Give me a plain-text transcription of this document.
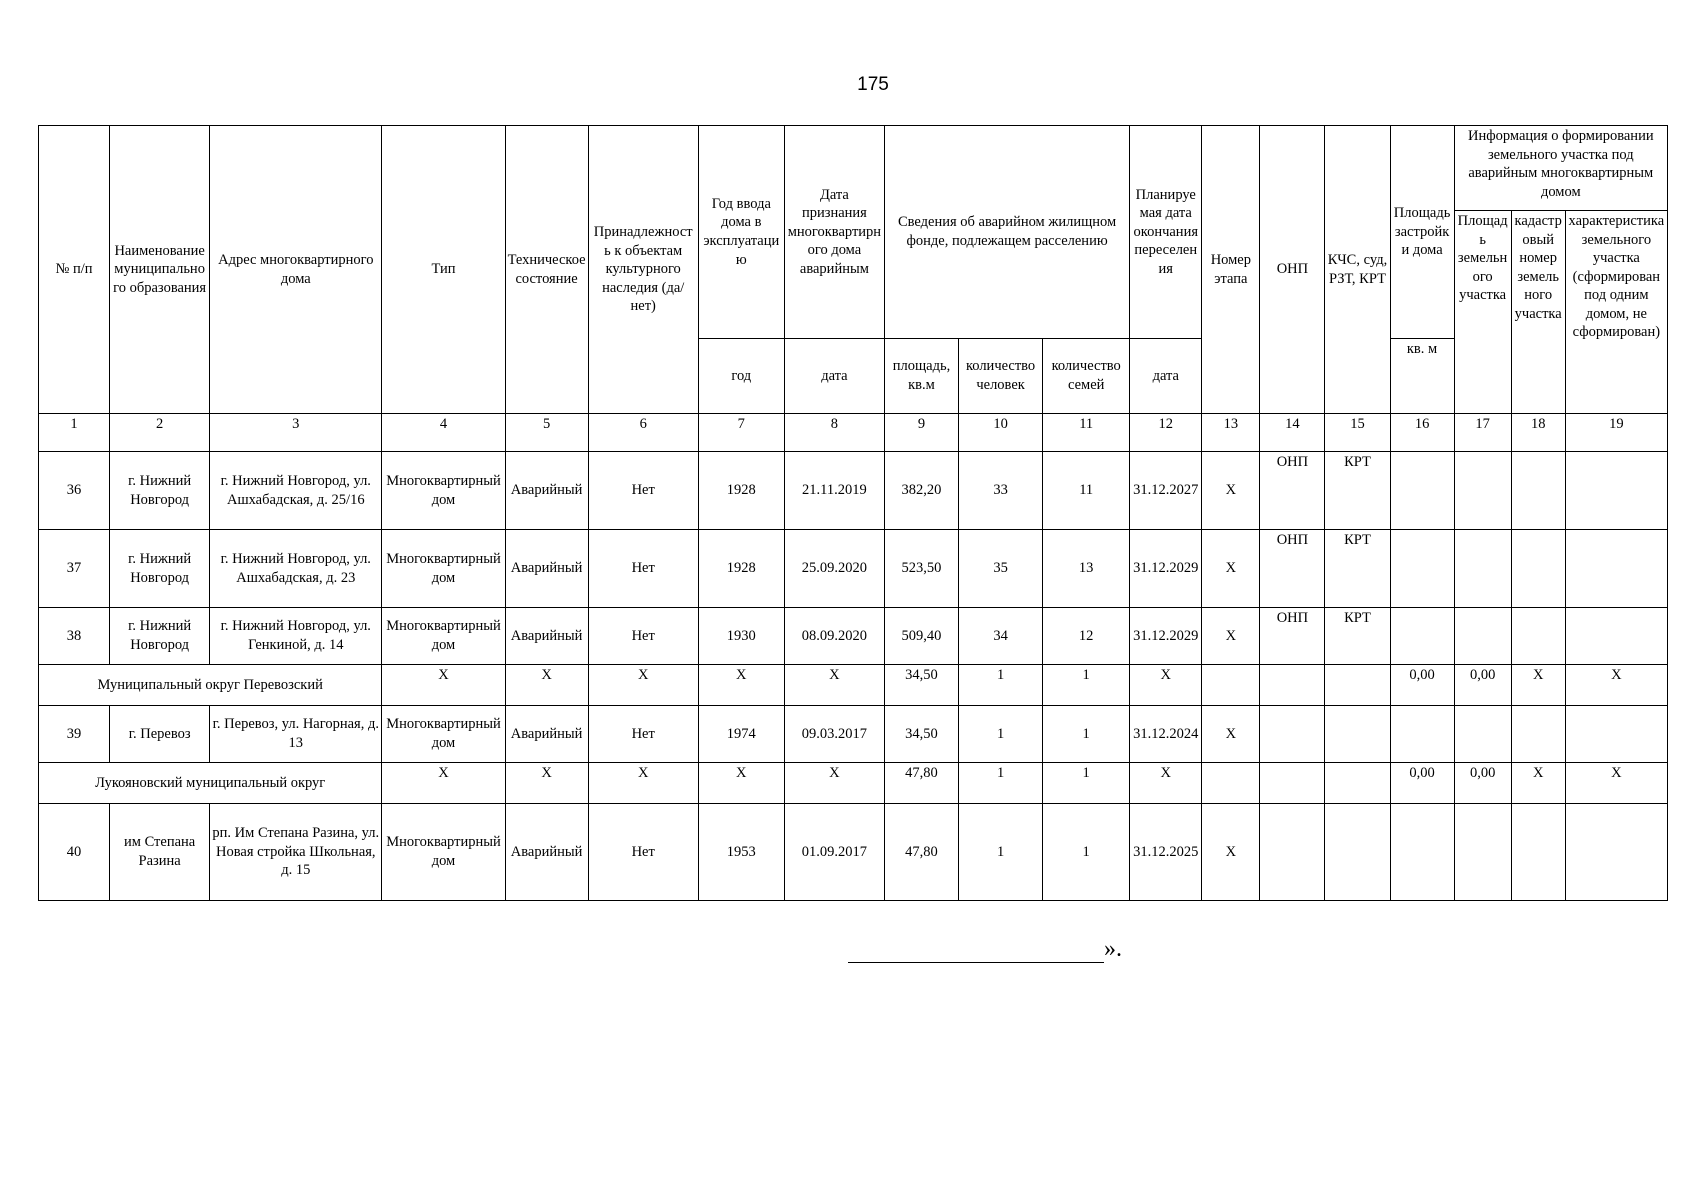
175
№ п/п	Наименование муниципального образования	Адрес многоквартирного дома	Тип	Техническое состояние	Принадлежность к объектам культурного наследия (да/нет)	Год ввода дома в эксплуатацию	Дата признания многоквартирного дома аварийным	Сведения об аварийном жилищном фонде, подлежащем расселению			Планируемая дата окончания переселения	Номер этапа	ОНП	КЧС, суд, РЗТ, КРТ	Площадь застройки дома	Информация о формировании земельного участка под аварийным многоквартирным домом		
																Площадь земельного участка	кадастровый номер земельного участка	характеристика земельного участка (сформирован под одним домом, не сформирован)
						год	дата	площадь, кв.м	количество человек	количество семей	дата				кв. м			
1	2	3	4	5	6	7	8	9	10	11	12	13	14	15	16	17	18	19
36	г. Нижний Новгород	г. Нижний Новгород, ул. Ашхабадская, д. 25/16	Многоквартирный дом	Аварийный	Нет	1928	21.11.2019	382,20	33	11	31.12.2027	X	ОНП	КРТ				
37	г. Нижний Новгород	г. Нижний Новгород, ул. Ашхабадская, д. 23	Многоквартирный дом	Аварийный	Нет	1928	25.09.2020	523,50	35	13	31.12.2029	X	ОНП	КРТ				
38	г. Нижний Новгород	г. Нижний Новгород, ул. Генкиной, д. 14	Многоквартирный дом	Аварийный	Нет	1930	08.09.2020	509,40	34	12	31.12.2029	X	ОНП	КРТ				
Муниципальный округ Перевозский			X	X	X	X	X	34,50	1	1	X				0,00	0,00	X	X
39	г. Перевоз	г. Перевоз, ул. Нагорная, д. 13	Многоквартирный дом	Аварийный	Нет	1974	09.03.2017	34,50	1	1	31.12.2024	X						
Лукояновский муниципальный округ			X	X	X	X	X	47,80	1	1	X				0,00	0,00	X	X
40	им Степана Разина	рп. Им Степана Разина, ул. Новая стройка Школьная, д. 15	Многоквартирный дом	Аварийный	Нет	1953	01.09.2017	47,80	1	1	31.12.2025	X						
».
